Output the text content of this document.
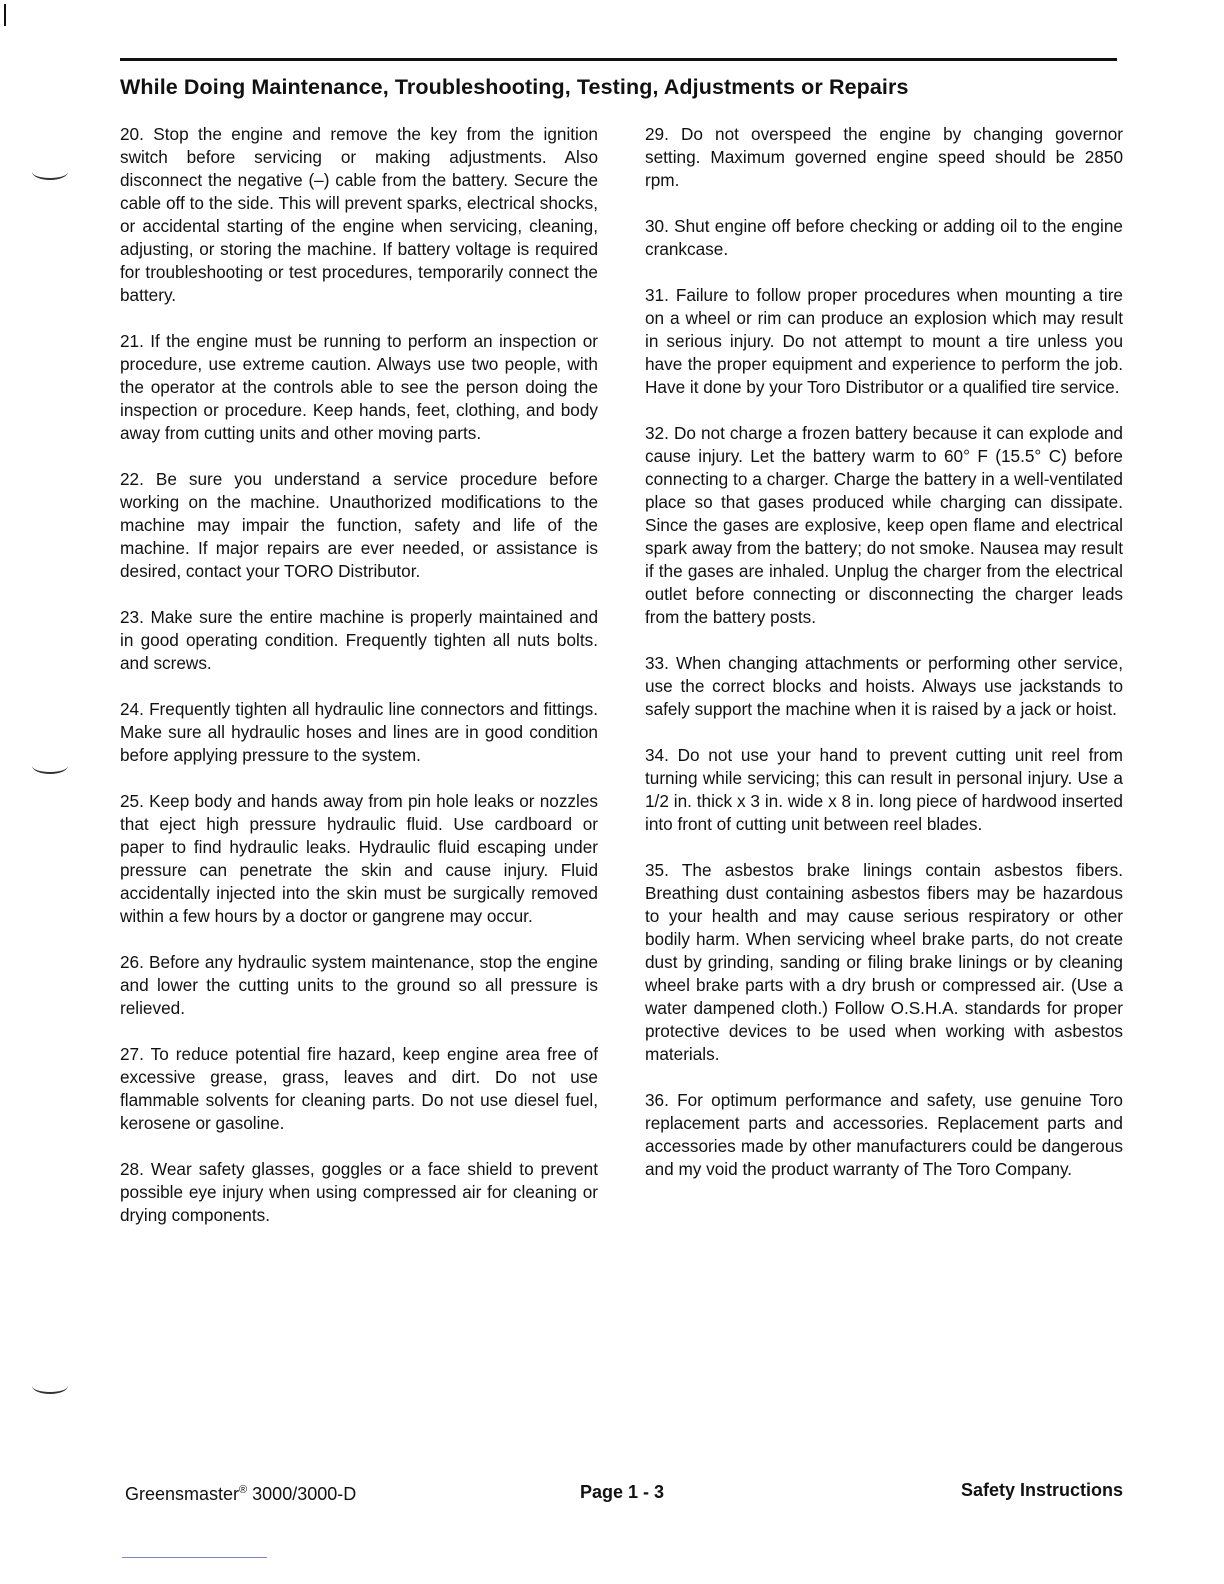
While Doing Maintenance, Troubleshooting, Testing, Adjustments or Repairs

20. Stop the engine and remove the key from the ignition switch before servicing or making adjustments. Also disconnect the negative (–) cable from the battery. Secure the cable off to the side. This will prevent sparks, electrical shocks, or accidental starting of the engine when servicing, cleaning, adjusting, or storing the machine. If battery voltage is required for troubleshooting or test procedures, temporarily connect the battery.

21. If the engine must be running to perform an inspection or procedure, use extreme caution. Always use two people, with the operator at the controls able to see the person doing the inspection or procedure. Keep hands, feet, clothing, and body away from cutting units and other moving parts.

22. Be sure you understand a service procedure before working on the machine. Unauthorized modifications to the machine may impair the function, safety and life of the machine. If major repairs are ever needed, or assistance is desired, contact your TORO Distributor.

23. Make sure the entire machine is properly maintained and in good operating condition. Frequently tighten all nuts bolts. and screws.

24. Frequently tighten all hydraulic line connectors and fittings. Make sure all hydraulic hoses and lines are in good condition before applying pressure to the system.

25. Keep body and hands away from pin hole leaks or nozzles that eject high pressure hydraulic fluid. Use cardboard or paper to find hydraulic leaks. Hydraulic fluid escaping under pressure can penetrate the skin and cause injury. Fluid accidentally injected into the skin must be surgically removed within a few hours by a doctor or gangrene may occur.

26. Before any hydraulic system maintenance, stop the engine and lower the cutting units to the ground so all pressure is relieved.

27. To reduce potential fire hazard, keep engine area free of excessive grease, grass, leaves and dirt. Do not use flammable solvents for cleaning parts. Do not use diesel fuel, kerosene or gasoline.

28. Wear safety glasses, goggles or a face shield to prevent possible eye injury when using compressed air for cleaning or drying components.

29. Do not overspeed the engine by changing governor setting. Maximum governed engine speed should be 2850 rpm.

30. Shut engine off before checking or adding oil to the engine crankcase.

31. Failure to follow proper procedures when mounting a tire on a wheel or rim can produce an explosion which may result in serious injury. Do not attempt to mount a tire unless you have the proper equipment and experience to perform the job. Have it done by your Toro Distributor or a qualified tire service.

32. Do not charge a frozen battery because it can explode and cause injury. Let the battery warm to 60° F (15.5° C) before connecting to a charger. Charge the battery in a well-ventilated place so that gases produced while charging can dissipate. Since the gases are explosive, keep open flame and electrical spark away from the battery; do not smoke. Nausea may result if the gases are inhaled. Unplug the charger from the electrical outlet before connecting or disconnecting the charger leads from the battery posts.

33. When changing attachments or performing other service, use the correct blocks and hoists. Always use jackstands to safely support the machine when it is raised by a jack or hoist.

34. Do not use your hand to prevent cutting unit reel from turning while servicing; this can result in personal injury. Use a 1/2 in. thick x 3 in. wide x 8 in. long piece of hardwood inserted into front of cutting unit between reel blades.

35. The asbestos brake linings contain asbestos fibers. Breathing dust containing asbestos fibers may be hazardous to your health and may cause serious respiratory or other bodily harm. When servicing wheel brake parts, do not create dust by grinding, sanding or filing brake linings or by cleaning wheel brake parts with a dry brush or compressed air. (Use a water dampened cloth.) Follow O.S.H.A. standards for proper protective devices to be used when working with asbestos materials.

36. For optimum performance and safety, use genuine Toro replacement parts and accessories. Replacement parts and accessories made by other manufacturers could be dangerous and my void the product warranty of The Toro Company.

Greensmaster® 3000/3000-D	Page 1 - 3	Safety Instructions
